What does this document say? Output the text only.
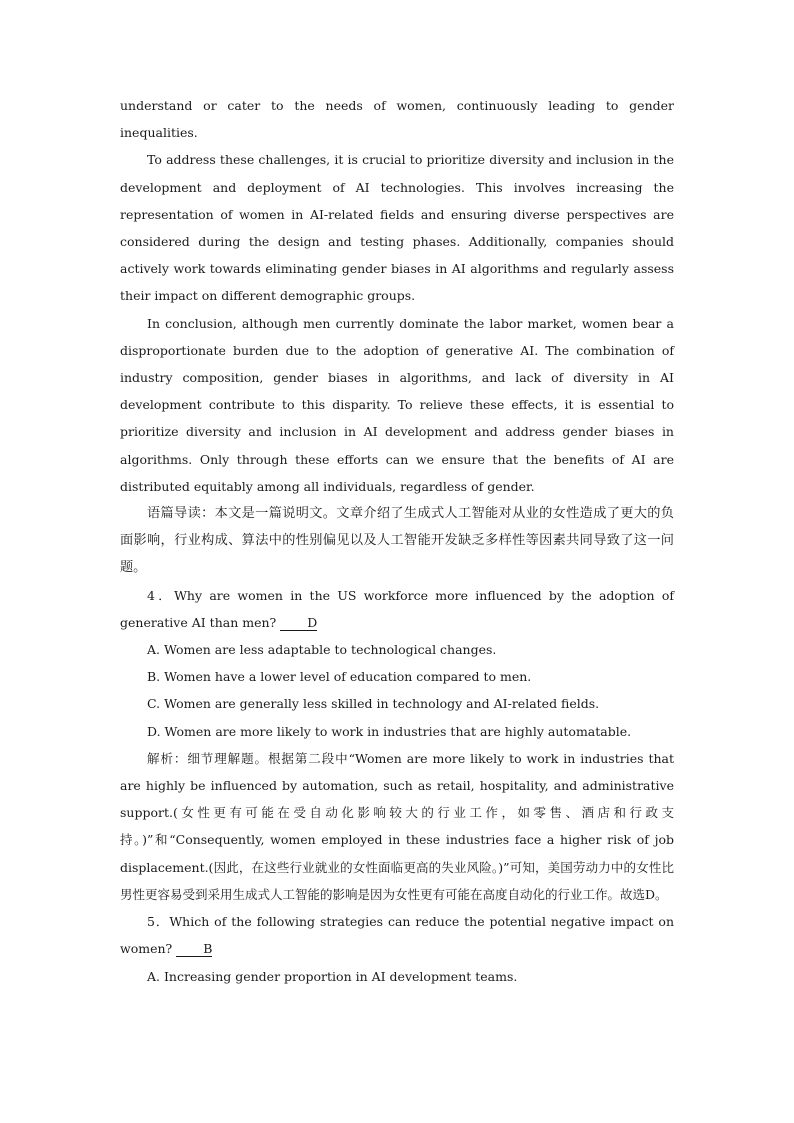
understand or cater to the needs of women, continuously leading to gender inequalities.

To address these challenges, it is crucial to prioritize diversity and inclusion in the development and deployment of AI technologies. This involves increasing the representation of women in AI-related fields and ensuring diverse perspectives are considered during the design and testing phases. Additionally, companies should actively work towards eliminating gender biases in AI algorithms and regularly assess their impact on different demographic groups.

In conclusion, although men currently dominate the labor market, women bear a disproportionate burden due to the adoption of generative AI. The combination of industry composition, gender biases in algorithms, and lack of diversity in AI development contribute to this disparity. To relieve these effects, it is essential to prioritize diversity and inclusion in AI development and address gender biases in algorithms. Only through these efforts can we ensure that the benefits of AI are distributed equitably among all individuals, regardless of gender.

语篇导读：本文是一篇说明文。文章介绍了生成式人工智能对从业的女性造成了更大的负面影响，行业构成、算法中的性别偏见以及人工智能开发缺乏多样性等因素共同导致了这一问题。

4．Why are women in the US workforce more influenced by the adoption of generative AI than men? D

A. Women are less adaptable to technological changes.

B. Women have a lower level of education compared to men.

C. Women are generally less skilled in technology and AI-related fields.

D. Women are more likely to work in industries that are highly automatable.

解析：细节理解题。根据第二段中“Women are more likely to work in industries that are highly be influenced by automation, such as retail, hospitality, and administrative support.(女性更有可能在受自动化影响较大的行业工作，如零售、酒店和行政支持。)”和“Consequently, women employed in these industries face a higher risk of job displacement.(因此，在这些行业就业的女性面临更高的失业风险。)”可知，美国劳动力中的女性比男性更容易受到采用生成式人工智能的影响是因为女性更有可能在高度自动化的行业工作。故选D。

5．Which of the following strategies can reduce the potential negative impact on women? B

A. Increasing gender proportion in AI development teams.
